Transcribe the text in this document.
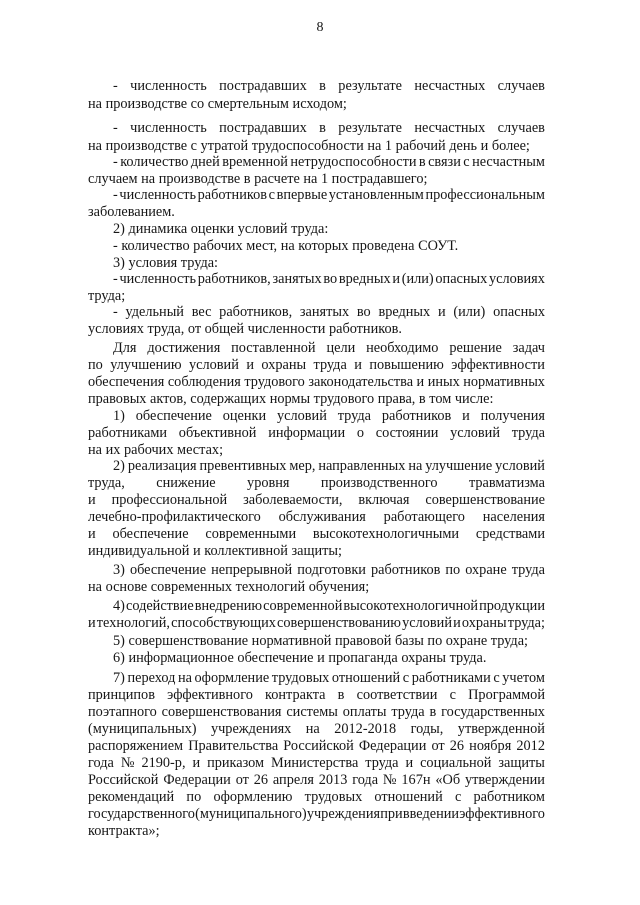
8
- численность пострадавших в результате несчастных случаев
на производстве со смертельным исходом;
- численность пострадавших в результате несчастных случаев
на производстве с утратой трудоспособности на 1 рабочий день и более;
- количество дней временной нетрудоспособности в связи с несчастным
случаем на производстве в расчете на 1 пострадавшего;
- численность работников с впервые установленным профессиональным
заболеванием.
2) динамика оценки условий труда:
- количество рабочих мест, на которых проведена СОУТ.
3) условия труда:
- численность работников, занятых во вредных и (или) опасных условиях
труда;
- удельный вес работников, занятых во вредных и (или) опасных
условиях труда, от общей численности работников.
Для достижения поставленной цели необходимо решение задач
по улучшению условий и охраны труда и повышению эффективности
обеспечения соблюдения трудового законодательства и иных нормативных
правовых актов, содержащих нормы трудового права, в том числе:
1) обеспечение оценки условий труда работников и получения
работниками объективной информации о состоянии условий труда
на их рабочих местах;
2) реализация превентивных мер, направленных на улучшение условий
труда, снижение уровня производственного травматизма
и профессиональной заболеваемости, включая совершенствование
лечебно-профилактического обслуживания работающего населения
и обеспечение современными высокотехнологичными средствами
индивидуальной и коллективной защиты;
3) обеспечение непрерывной подготовки работников по охране труда
на основе современных технологий обучения;
4) содействие внедрению современной высокотехнологичной продукции
и технологий, способствующих совершенствованию условий и охраны труда;
5) совершенствование нормативной правовой базы по охране труда;
6) информационное обеспечение и пропаганда охраны труда.
7) переход на оформление трудовых отношений с работниками с учетом
принципов эффективного контракта в соответствии с Программой
поэтапного совершенствования системы оплаты труда в государственных
(муниципальных) учреждениях на 2012-2018 годы, утвержденной
распоряжением Правительства Российской Федерации от 26 ноября 2012
года № 2190-р, и приказом Министерства труда и социальной защиты
Российской Федерации от 26 апреля 2013 года № 167н «Об утверждении
рекомендаций по оформлению трудовых отношений с работником
государственного (муниципального) учреждения при введении эффективного
контракта»;
